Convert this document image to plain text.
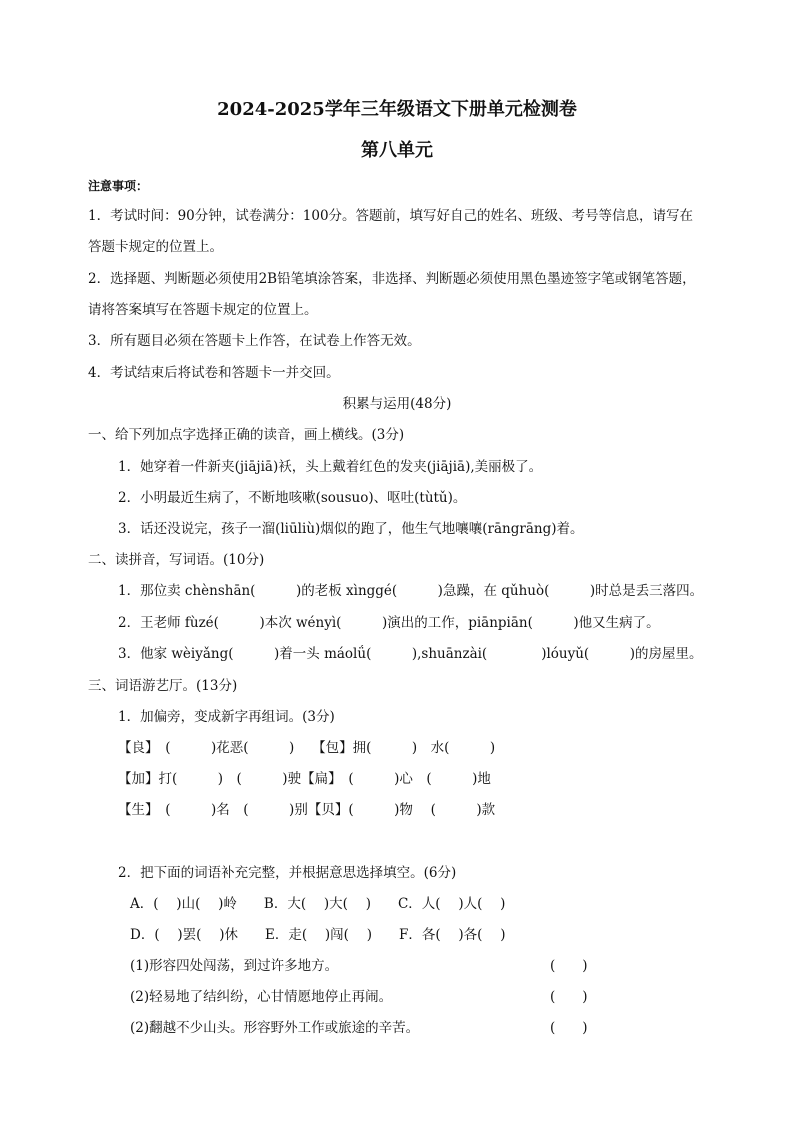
2024-2025学年三年级语文下册单元检测卷
第八单元
注意事项：
1．考试时间：90分钟，试卷满分：100分。答题前，填写好自己的姓名、班级、考号等信息，请写在
答题卡规定的位置上。
2．选择题、判断题必须使用2B铅笔填涂答案，非选择、判断题必须使用黑色墨迹签字笔或钢笔答题，
请将答案填写在答题卡规定的位置上。
3．所有题目必须在答题卡上作答，在试卷上作答无效。
4．考试结束后将试卷和答题卡一并交回。
积累与运用(48分)
一、给下列加点字选择正确的读音，画上横线。(3分)
1．她穿着一件新夹(jiājiā)袄，头上戴着红色的发夹(jiājiā),美丽极了。
2．小明最近生病了，不断地咳嗽(sousuo)、呕吐(tùtǔ)。
3．话还没说完，孩子一溜(liūliù)烟似的跑了，他生气地嚷嚷(rāngrāng)着。
二、读拼音，写词语。(10分)
1．那位卖 chènshān(　　　)的老板 xìnggé(　　　)急躁，在 qǔhuò(　　　)时总是丢三落四。
2．王老师 fùzé(　　　)本次 wényì(　　　)演出的工作，piānpiān(　　　)他又生病了。
3．他家 wèiyǎng(　　　)着一头 máolǘ(　　　),shuānzài(　　　　)lóuyǔ(　　　)的房屋里。
三、词语游艺厅。(13分)
1．加偏旁，变成新字再组词。(3分)
【良】　(　　　)花恶(　　　)　 【包】拥(　　　)　水(　　　)
【加】打(　　　)　(　　　)驶【扁】　(　　　)心　(　　　)地
【生】　(　　　)名　(　　　)别【贝】(　　　)物　 (　　　)款
2．把下面的词语补充完整，并根据意思选择填空。(6分)
A．(　 )山(　 )岭　　B．大(　 )大(　 )　　C．人(　 )人(　 )
D．(　 )罢(　 )休　　E．走(　 )闯(　 )　　F．各(　 )各(　 )
(1)形容四处闯荡，到过许多地方。	(　　)
(2)轻易地了结纠纷，心甘情愿地停止再闹。	(　　)
(2)翻越不少山头。形容野外工作或旅途的辛苦。	(　　)
